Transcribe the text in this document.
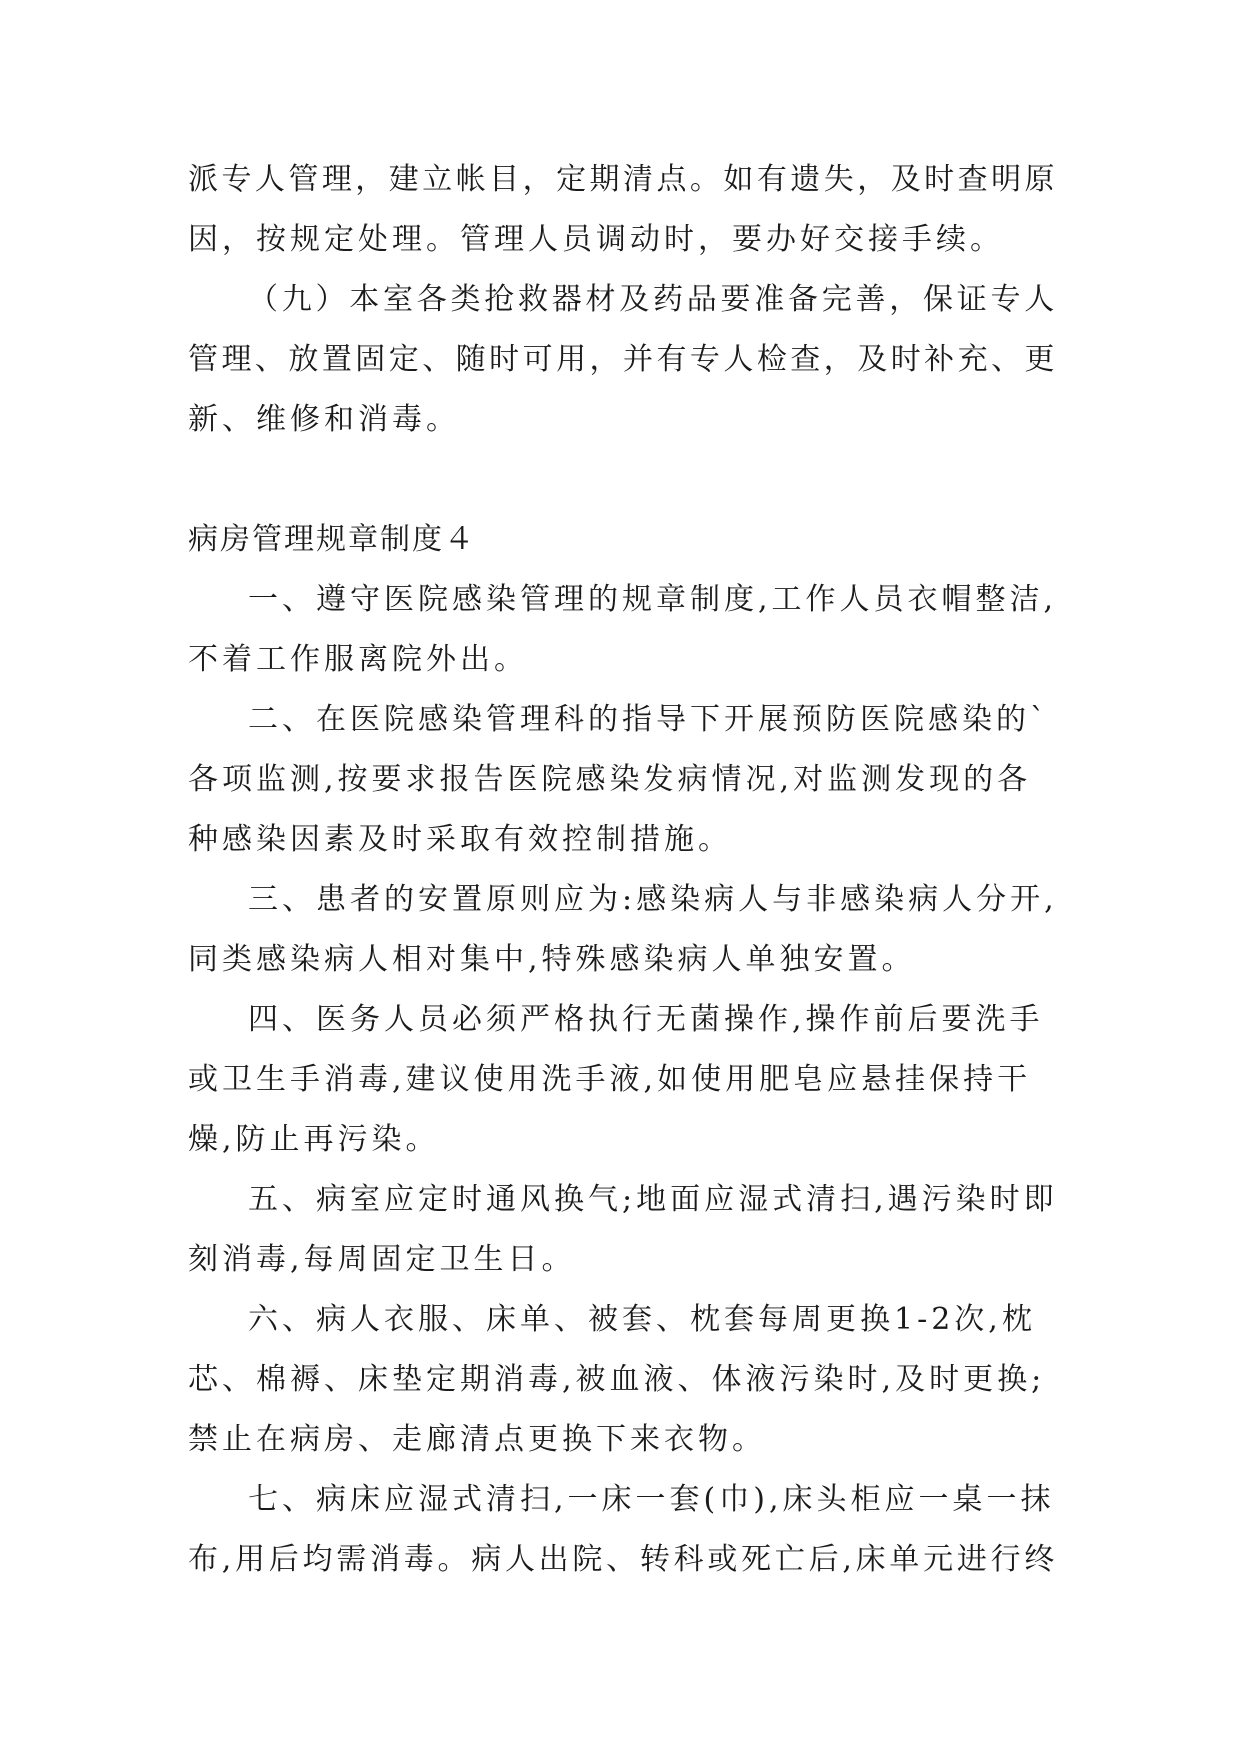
派专人管理，建立帐目，定期清点。如有遗失，及时查明原
因，按规定处理。管理人员调动时，要办好交接手续。
（九）本室各类抢救器材及药品要准备完善，保证专人
管理、放置固定、随时可用，并有专人检查，及时补充、更
新、维修和消毒。
病房管理规章制度４
一、遵守医院感染管理的规章制度,工作人员衣帽整洁,
不着工作服离院外出。
二、在医院感染管理科的指导下开展预防医院感染的`
各项监测,按要求报告医院感染发病情况,对监测发现的各
种感染因素及时采取有效控制措施。
三、患者的安置原则应为:感染病人与非感染病人分开,
同类感染病人相对集中,特殊感染病人单独安置。
四、医务人员必须严格执行无菌操作,操作前后要洗手
或卫生手消毒,建议使用洗手液,如使用肥皂应悬挂保持干
燥,防止再污染。
五、病室应定时通风换气;地面应湿式清扫,遇污染时即
刻消毒,每周固定卫生日。
六、病人衣服、床单、被套、枕套每周更换1-2次,枕
芯、棉褥、床垫定期消毒,被血液、体液污染时,及时更换;
禁止在病房、走廊清点更换下来衣物。
七、病床应湿式清扫,一床一套(巾),床头柜应一桌一抹
布,用后均需消毒。病人出院、转科或死亡后,床单元进行终
